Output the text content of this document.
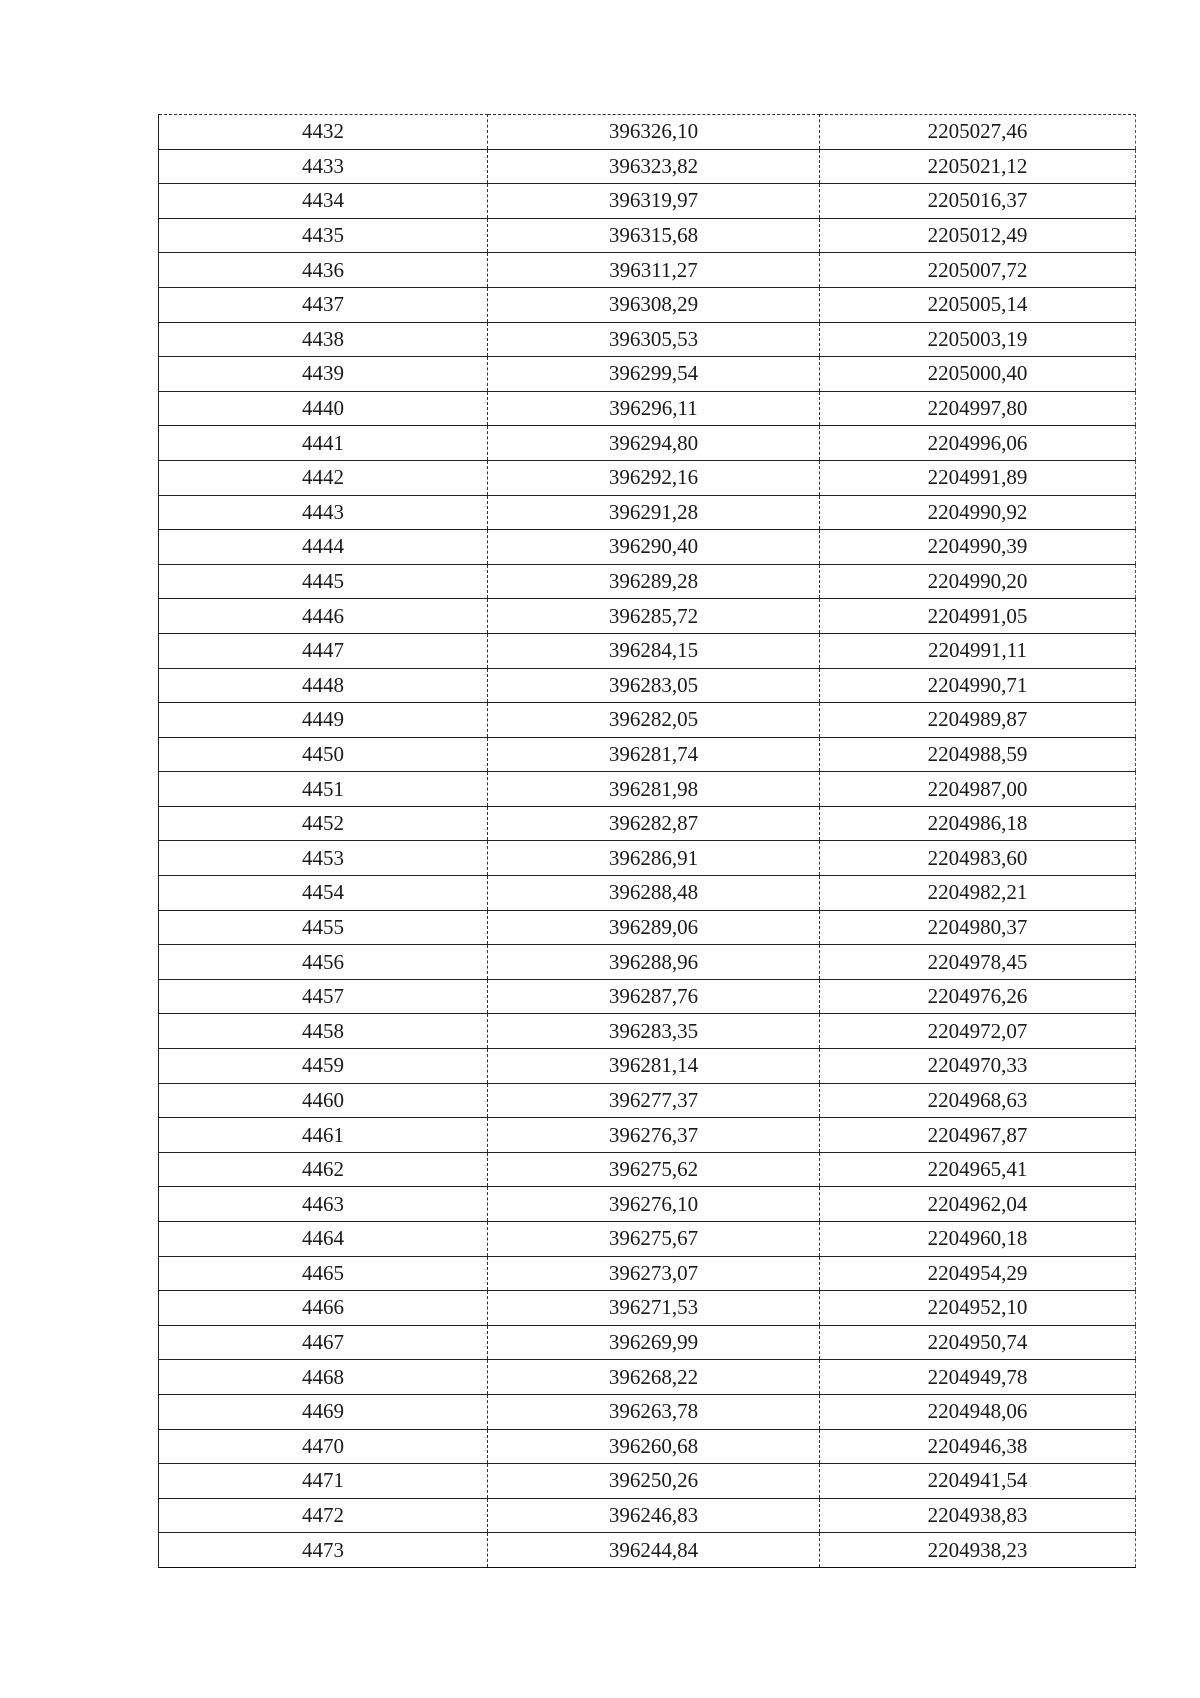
4432	396326,10	2205027,46
4433	396323,82	2205021,12
4434	396319,97	2205016,37
4435	396315,68	2205012,49
4436	396311,27	2205007,72
4437	396308,29	2205005,14
4438	396305,53	2205003,19
4439	396299,54	2205000,40
4440	396296,11	2204997,80
4441	396294,80	2204996,06
4442	396292,16	2204991,89
4443	396291,28	2204990,92
4444	396290,40	2204990,39
4445	396289,28	2204990,20
4446	396285,72	2204991,05
4447	396284,15	2204991,11
4448	396283,05	2204990,71
4449	396282,05	2204989,87
4450	396281,74	2204988,59
4451	396281,98	2204987,00
4452	396282,87	2204986,18
4453	396286,91	2204983,60
4454	396288,48	2204982,21
4455	396289,06	2204980,37
4456	396288,96	2204978,45
4457	396287,76	2204976,26
4458	396283,35	2204972,07
4459	396281,14	2204970,33
4460	396277,37	2204968,63
4461	396276,37	2204967,87
4462	396275,62	2204965,41
4463	396276,10	2204962,04
4464	396275,67	2204960,18
4465	396273,07	2204954,29
4466	396271,53	2204952,10
4467	396269,99	2204950,74
4468	396268,22	2204949,78
4469	396263,78	2204948,06
4470	396260,68	2204946,38
4471	396250,26	2204941,54
4472	396246,83	2204938,83
4473	396244,84	2204938,23
